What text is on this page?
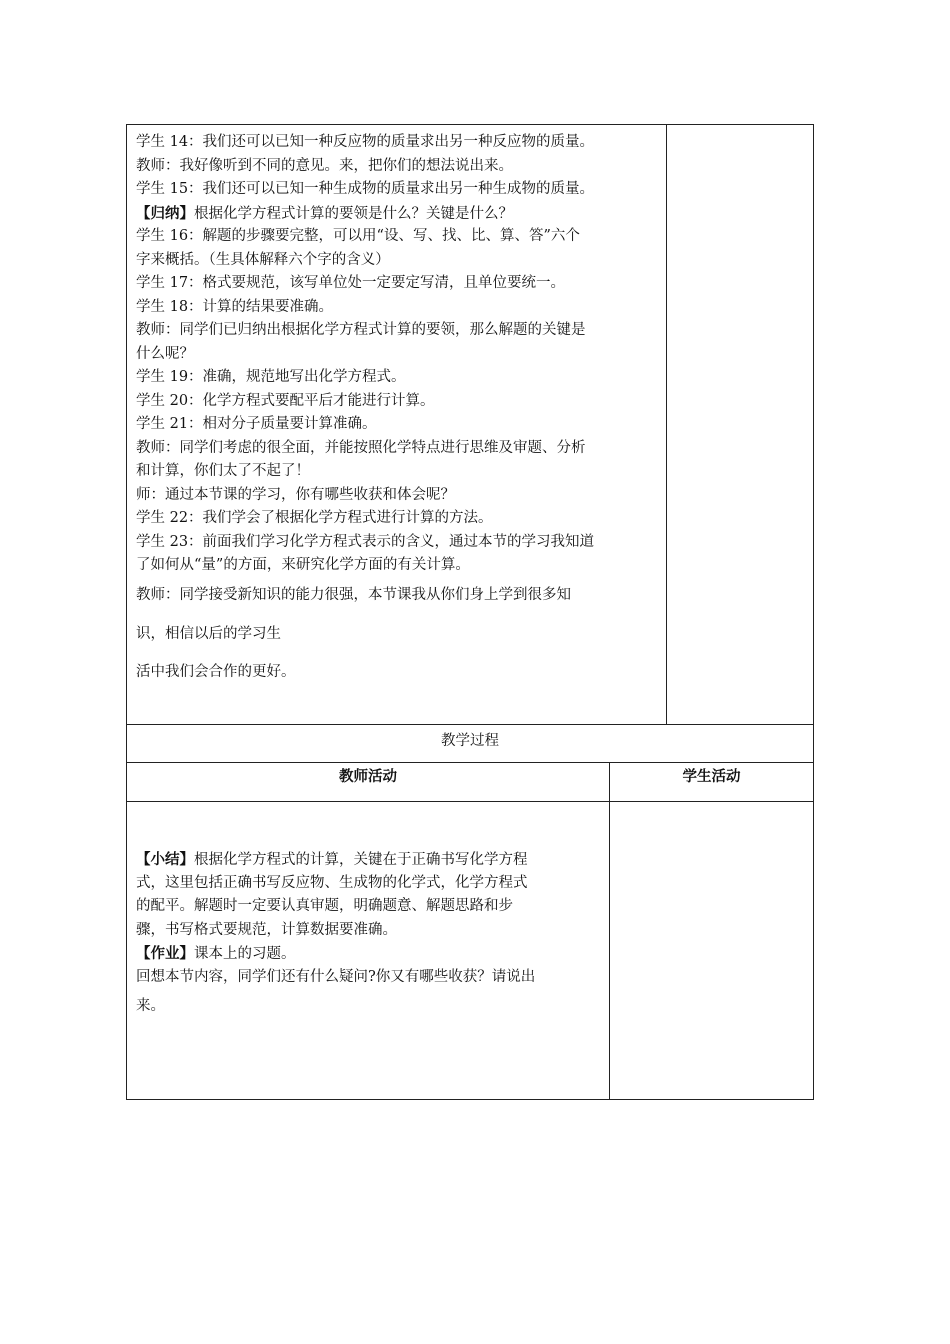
学生 14：我们还可以已知一种反应物的质量求出另一种反应物的质量。
教师：我好像听到不同的意见。来，把你们的想法说出来。
学生 15：我们还可以已知一种生成物的质量求出另一种生成物的质量。
【归纳】根据化学方程式计算的要领是什么？关键是什么？
学生 16：解题的步骤要完整，可以用“设、写、找、比、算、答”六个
字来概括。（生具体解释六个字的含义）
学生 17：格式要规范，该写单位处一定要定写清，且单位要统一。
学生 18：计算的结果要准确。
教师：同学们已归纳出根据化学方程式计算的要领，那么解题的关键是
什么呢？
学生 19：准确，规范地写出化学方程式。
学生 20：化学方程式要配平后才能进行计算。
学生 21：相对分子质量要计算准确。
教师：同学们考虑的很全面，并能按照化学特点进行思维及审题、分析
和计算，你们太了不起了！
师：通过本节课的学习，你有哪些收获和体会呢？
学生 22：我们学会了根据化学方程式进行计算的方法。
学生 23：前面我们学习化学方程式表示的含义，通过本节的学习我知道
了如何从“量”的方面，来研究化学方面的有关计算。
教师：同学接受新知识的能力很强，本节课我从你们身上学到很多知
识，相信以后的学习生
活中我们会合作的更好。
教学过程
教师活动	学生活动
【小结】根据化学方程式的计算，关键在于正确书写化学方程
式，这里包括正确书写反应物、生成物的化学式，化学方程式
的配平。解题时一定要认真审题，明确题意、解题思路和步
骤，书写格式要规范，计算数据要准确。
【作业】课本上的习题。
回想本节内容，同学们还有什么疑问?你又有哪些收获？请说出
来。
